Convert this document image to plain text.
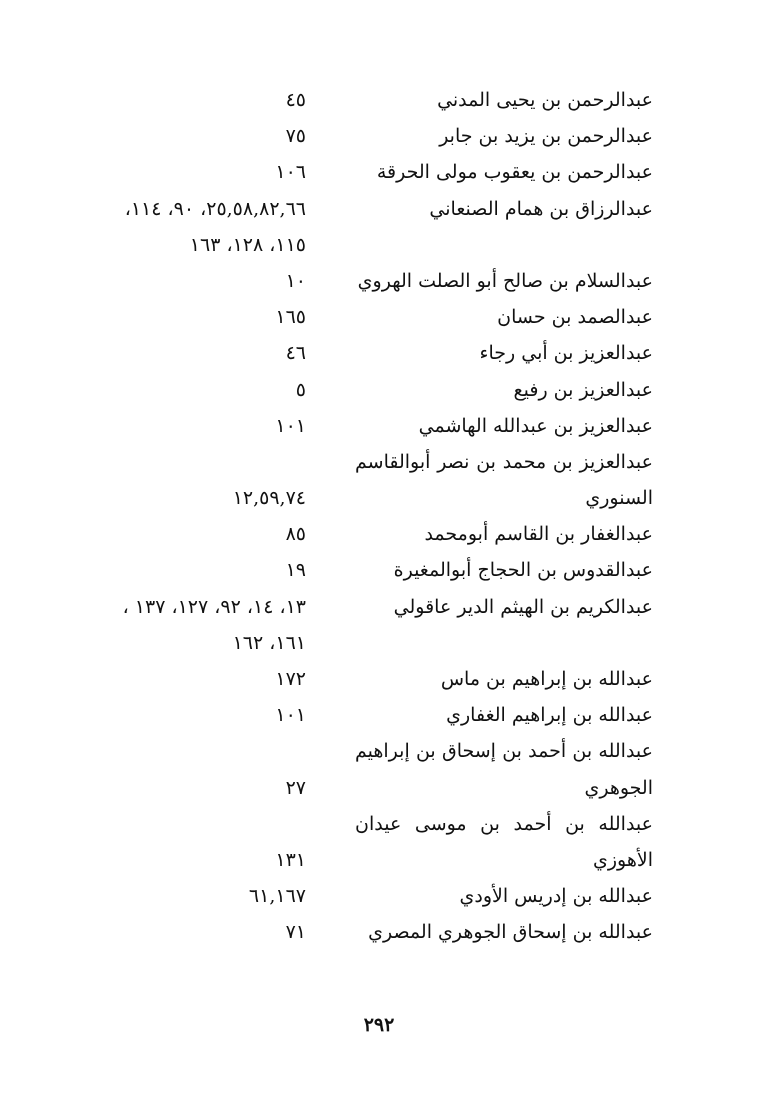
عبدالرحمن بن يحيى المدني
٤٥
عبدالرحمن بن يزيد بن جابر
٧٥
عبدالرحمن بن يعقوب مولى الحرقة
١٠٦
عبدالرزاق بن همام الصنعاني
٢٥,٥٨,٨٢,٦٦، ٩٠، ١١٤،
١١٥، ١٢٨، ١٦٣
عبدالسلام بن صالح أبو الصلت الهروي
١٠
عبدالصمد بن حسان
١٦٥
عبدالعزيز بن أبي رجاء
٤٦
عبدالعزيز بن رفيع
٥
عبدالعزيز بن عبدالله الهاشمي
١٠١
عبدالعزيز بن محمد بن نصر أبوالقاسم
السنوري
١٢,٥٩,٧٤
عبدالغفار بن القاسم أبومحمد
٨٥
عبدالقدوس بن الحجاج أبوالمغيرة
١٩
عبدالكريم بن الهيثم الدير عاقولي
١٣، ١٤، ٩٢، ١٢٧، ١٣٧ ،
١٦١، ١٦٢
عبدالله بن إبراهيم بن ماس
١٧٢
عبدالله بن إبراهيم الغفاري
١٠١
عبدالله بن أحمد بن إسحاق بن إبراهيم
الجوهري
٢٧
عبدالله بن أحمد بن موسى عيدان
الأهوزي
١٣١
عبدالله بن إدريس الأودي
٦١,١٦٧
عبدالله بن إسحاق الجوهري المصري
٧١
٢٩٢
